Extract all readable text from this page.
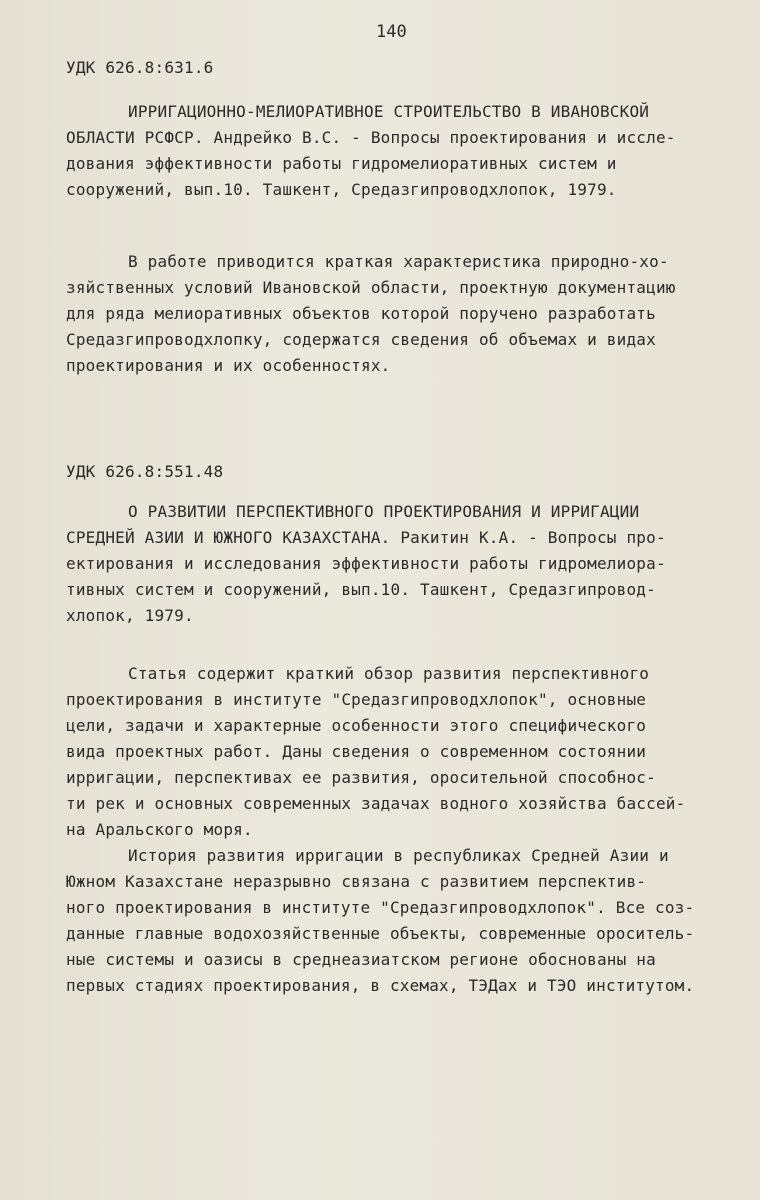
140
УДК 626.8:631.6
ИРРИГАЦИОННО-МЕЛИОРАТИВНОЕ СТРОИТЕЛЬСТВО В ИВАНОВСКОЙ
ОБЛАСТИ РСФСР. Андрейко В.С. - Вопросы проектирования и иссле-
дования эффективности работы гидромелиоративных систем и
сооружений, вып.10. Ташкент, Средазгипроводхлопок, 1979.
В работе приводится краткая характеристика природно-хо-
зяйственных условий Ивановской области, проектную документацию
для ряда мелиоративных объектов которой поручено разработать
Средазгипроводхлопку, содержатся сведения об объемах и видах
проектирования и их особенностях.
УДК 626.8:551.48
О РАЗВИТИИ ПЕРСПЕКТИВНОГО ПРОЕКТИРОВАНИЯ И ИРРИГАЦИИ
СРЕДНЕЙ АЗИИ И ЮЖНОГО КАЗАХСТАНА. Ракитин К.А. - Вопросы про-
ектирования и исследования эффективности работы гидромелиора-
тивных систем и сооружений, вып.10. Ташкент, Средазгипровод-
хлопок, 1979.
Статья содержит краткий обзор развития перспективного
проектирования в институте "Средазгипроводхлопок", основные
цели, задачи и характерные особенности этого специфического
вида проектных работ. Даны сведения о современном состоянии
ирригации, перспективах ее развития, оросительной способнос-
ти рек и основных современных задачах водного хозяйства бассей-
на Аральского моря.
История развития ирригации в республиках Средней Азии и
Южном Казахстане неразрывно связана с развитием перспектив-
ного проектирования в институте "Средазгипроводхлопок". Все соз-
данные главные водохозяйственные объекты, современные ороситель-
ные системы и оазисы в среднеазиатском регионе обоснованы на
первых стадиях проектирования, в схемах, ТЭДах и ТЭО институтом.
